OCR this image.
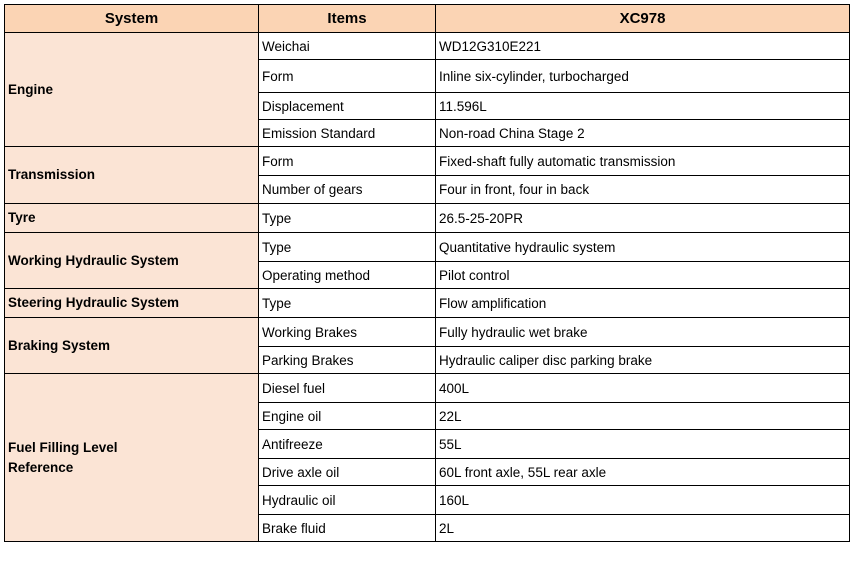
System	Items	XC978
Engine	Weichai	WD12G310E221
	Form	Inline six-cylinder, turbocharged
	Displacement	11.596L
	Emission Standard	Non-road China Stage 2
Transmission	Form	Fixed-shaft fully automatic transmission
	Number of gears	Four in front, four in back
Tyre	Type	26.5-25-20PR
Working Hydraulic System	Type	Quantitative hydraulic system
	Operating method	Pilot control
Steering Hydraulic System	Type	Flow amplification
Braking System	Working Brakes	Fully hydraulic wet brake
	Parking Brakes	Hydraulic caliper disc parking brake
Fuel Filling Level Reference	Diesel fuel	400L
	Engine oil	22L
	Antifreeze	55L
	Drive axle oil	60L front axle, 55L rear axle
	Hydraulic oil	160L
	Brake fluid	2L
